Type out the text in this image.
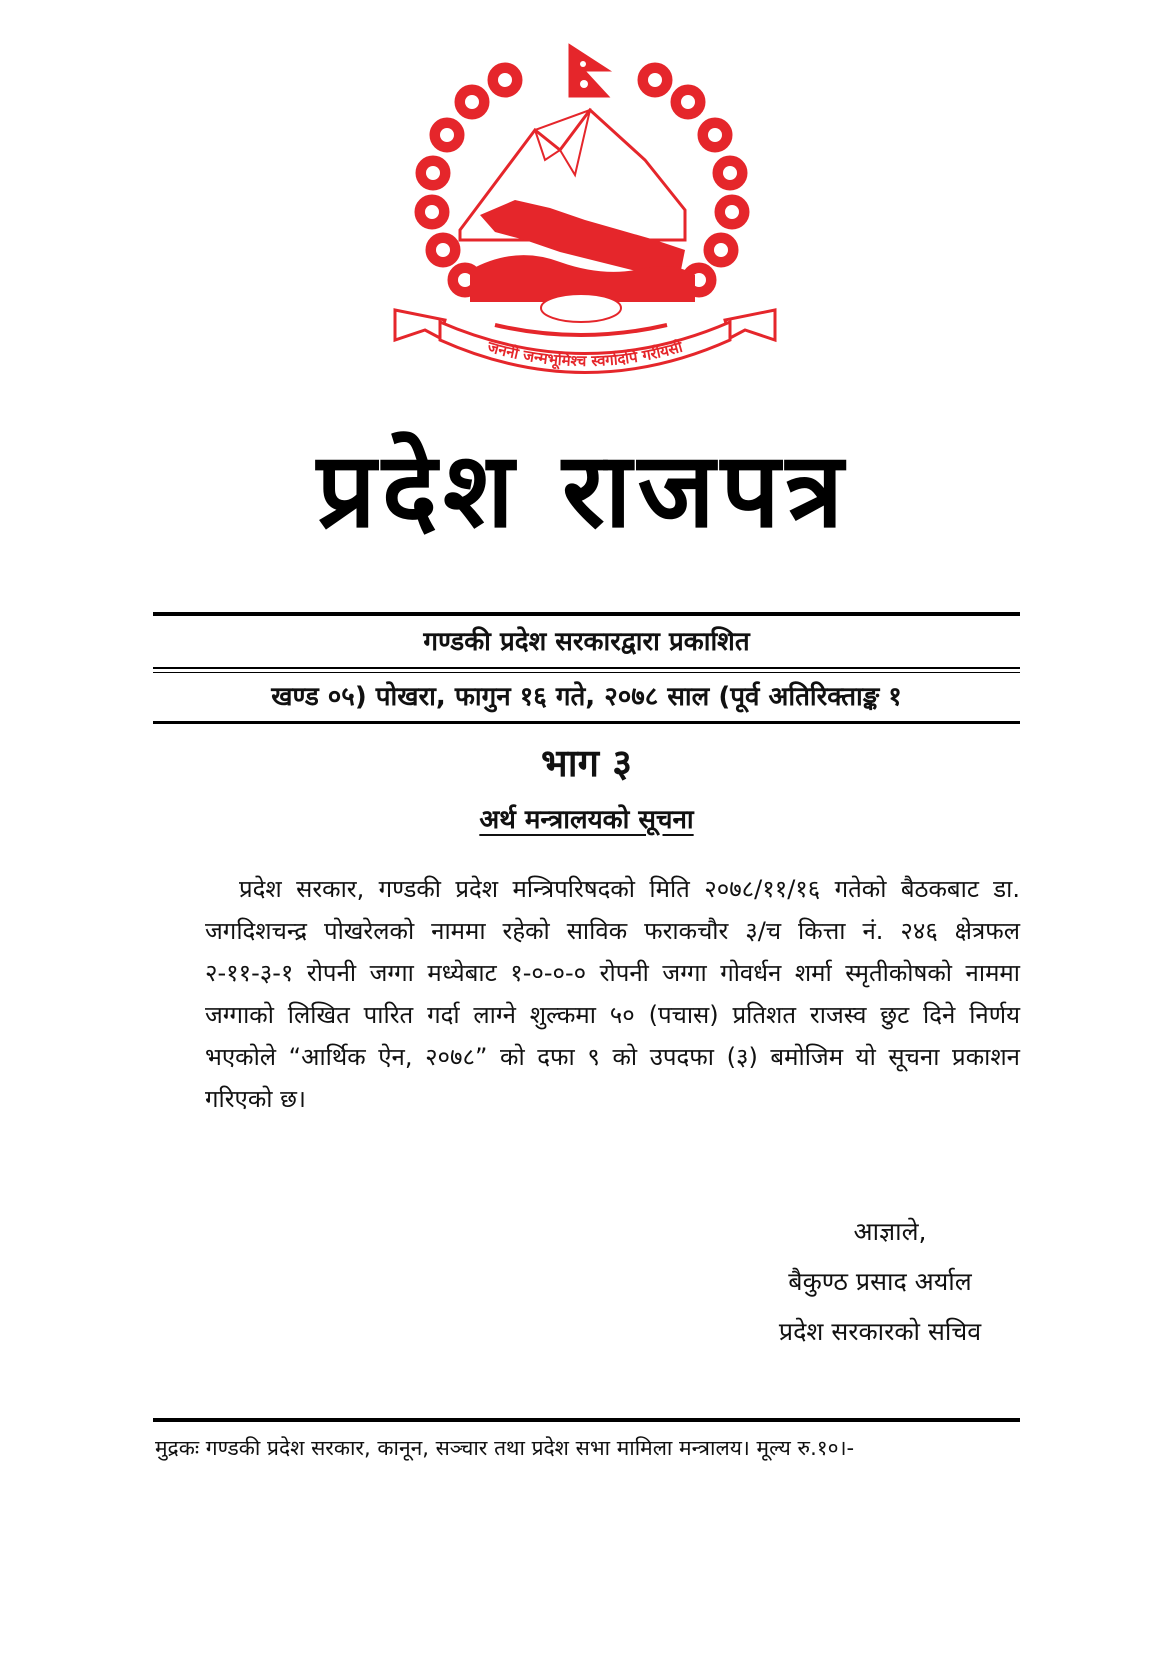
जननी जन्मभूमिश्च स्वर्गादपि गरीयसी
प्रदेश राजपत्र
गण्डकी प्रदेश सरकारद्वारा प्रकाशित
खण्ड ०५) पोखरा, फागुन १६ गते, २०७८ साल (पूर्व अतिरिक्ताङ्क १
भाग ३
अर्थ मन्त्रालयको सूचना

प्रदेश सरकार, गण्डकी प्रदेश मन्त्रिपरिषदको मिति २०७८/११/१६ गतेको बैठकबाट डा. जगदिशचन्द्र पोखरेलको नाममा रहेको साविक फराकचौर ३/च कित्ता नं. २४६ क्षेत्रफल २-११-३-१ रोपनी जग्गा मध्येबाट १-०-०-० रोपनी जग्गा गोवर्धन शर्मा स्मृतीकोषको नाममा जग्गाको लिखित पारित गर्दा लाग्ने शुल्कमा ५० (पचास) प्रतिशत राजस्व छुट दिने निर्णय भएकोले “आर्थिक ऐन, २०७८” को दफा ९ को उपदफा (३) बमोजिम यो सूचना प्रकाशन गरिएको छ।

आज्ञाले,
बैकुण्ठ प्रसाद अर्याल
प्रदेश सरकारको सचिव
मुद्रकः गण्डकी प्रदेश सरकार, कानून, सञ्चार तथा प्रदेश सभा मामिला मन्त्रालय। मूल्य रु.१०।-
